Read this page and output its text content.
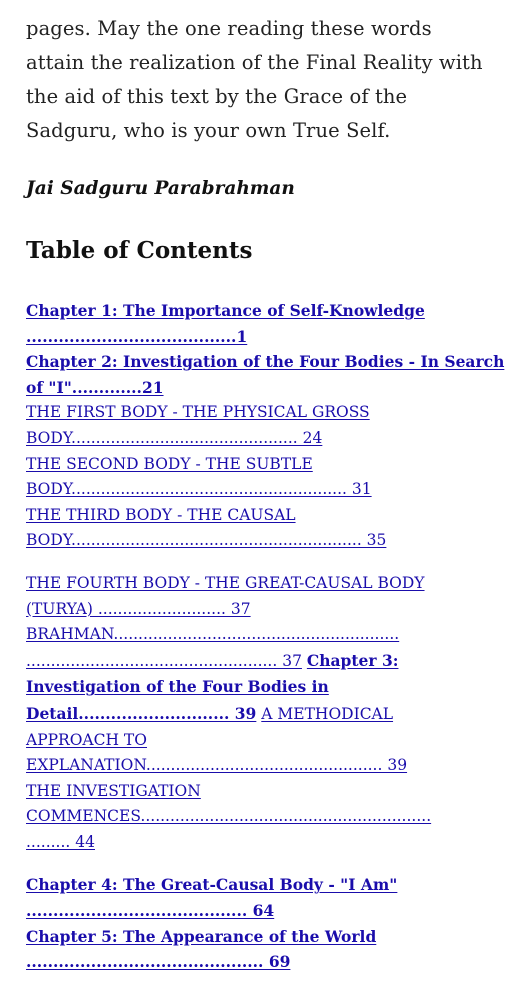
pages. May the one reading these words attain the realization of the Final Reality with the aid of this text by the Grace of the Sadguru, who is your own True Self.

Jai Sadguru Parabrahman

Table of Contents
Chapter 1: The Importance of Self-Knowledge
.......................................1
Chapter 2: Investigation of the Four Bodies - In Search
of "I".............21
THE FIRST BODY - THE PHYSICAL GROSS
BODY.............................................. 24
THE SECOND BODY - THE SUBTLE
BODY........................................................ 31
THE THIRD BODY - THE CAUSAL
BODY........................................................... 35
THE FOURTH BODY - THE GREAT-CAUSAL BODY
(TURYA) .......................... 37
BRAHMAN..........................................................
................................................... 37 Chapter 3:
Investigation of the Four Bodies in
Detail............................ 39 A METHODICAL
APPROACH TO
EXPLANATION................................................ 39
THE INVESTIGATION
COMMENCES...........................................................
......... 44
Chapter 4: The Great-Causal Body - "I Am"
......................................... 64
Chapter 5: The Appearance of the World
............................................ 69
